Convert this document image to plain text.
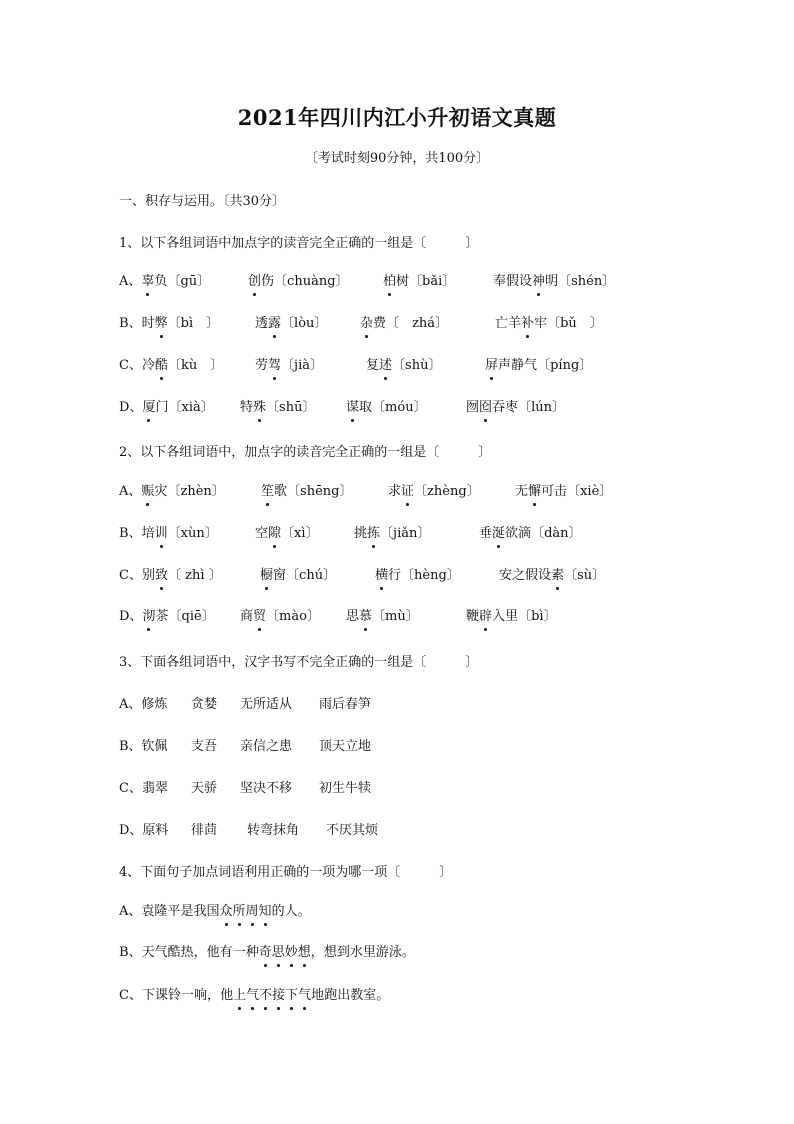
2021年四川内江小升初语文真题
〔考试时刻90分钟，共100分〕
一、积存与运用。〔共30分〕
1、以下各组词语中加点字的读音完全正确的一组是〔　　　〕
A、辜负〔gū〕	创伤〔chuàng〕	柏树〔bǎi〕	奉假设神明〔shén〕
B、时弊〔bì　 〕	透露〔lòu〕	杂费〔　 zhá〕	亡羊补牢〔bǔ　 〕
C、冷酷〔kù　 〕 劳驾〔jià〕	复述〔shù〕	屏声静气〔píng〕
D、厦门〔xià〕 特殊〔shū〕 谋取〔móu〕	囫囵吞枣〔lún〕
2、以下各组词语中，加点字的读音完全正确的一组是〔　　　〕
A、赈灾〔zhèn〕	笙歌〔shēng〕	求证〔zhèng〕	无懈可击〔xiè〕
B、培训〔xùn〕	空隙〔xì〕	挑拣〔jiǎn〕	垂涎欲滴〔dàn〕
C、别致〔 zhì 〕	橱窗〔chú〕	横行〔hèng〕	安之假设素〔sù〕
D、沏茶〔qiē〕 商贸〔mào〕 思慕〔mù〕	鞭辟入里〔bì〕
3、下面各组词语中，汉字书写不完全正确的一组是〔　　　〕
A、修炼 贪婪 无所适从 雨后春笋
B、钦佩 支吾 亲信之患 顶天立地
C、翡翠 天骄 坚决不移 初生牛犊
D、原料 徘茴 转弯抹角 不厌其烦
4、下面句子加点词语利用正确的一项为哪一项〔　　　〕
A、袁隆平是我国众所周知的人。
B、天气酷热，他有一种奇思妙想，想到水里游泳。
C、下课铃一响，他上气不接下气地跑出教室。
